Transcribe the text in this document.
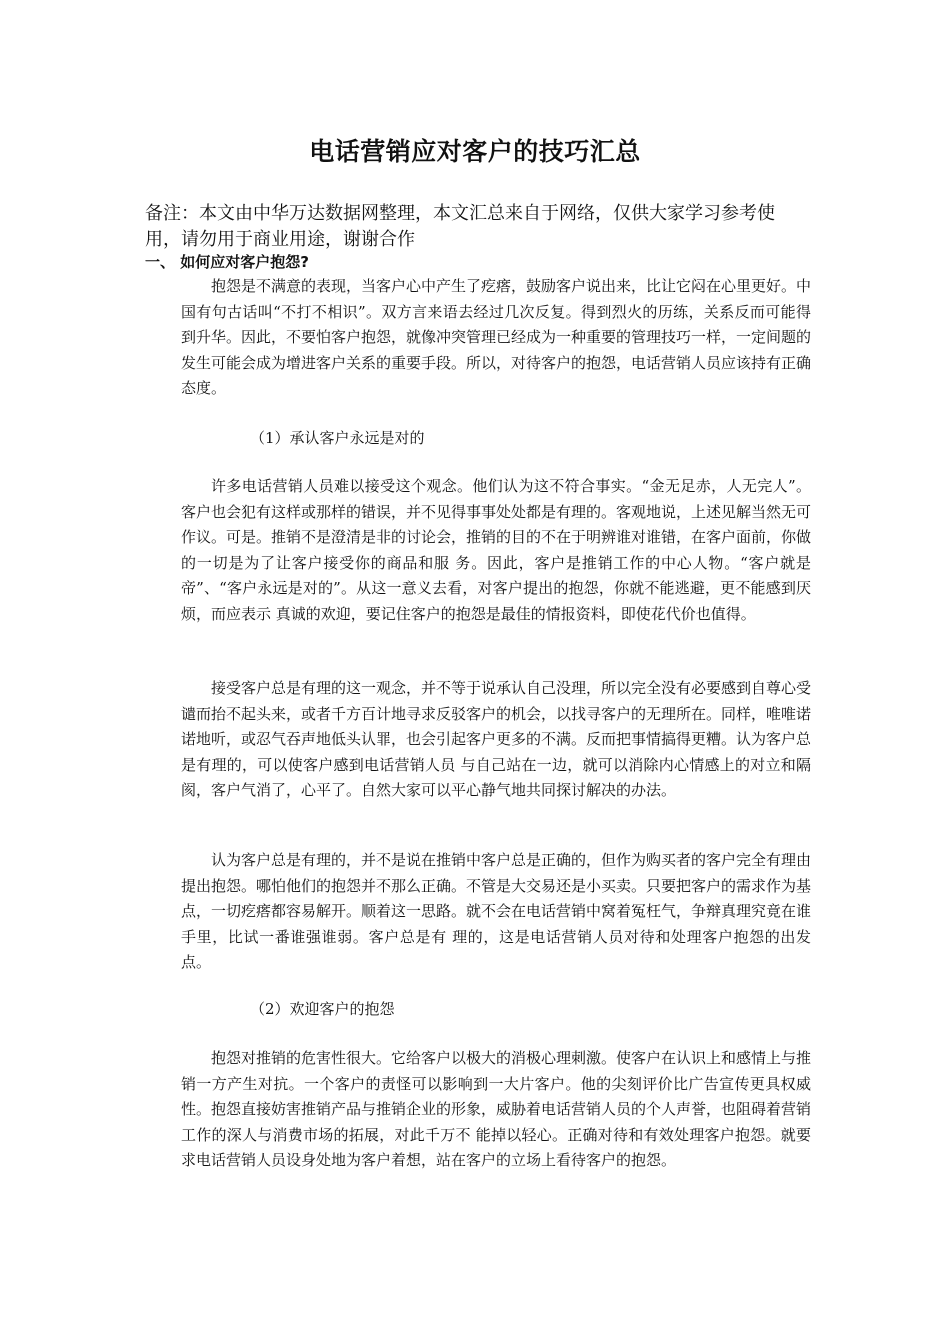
电话营销应对客户的技巧汇总
备注：本文由中华万达数据网整理，本文汇总来自于网络，仅供大家学习参考使用，请勿用于商业用途，谢谢合作
一、 如何应对客户抱怨?

抱怨是不满意的表现，当客户心中产生了疙瘩，鼓励客户说出来，比让它闷在心里更好。中国有句古话叫“不打不相识”。双方言来语去经过几次反复。得到烈火的历练，关系反而可能得到升华。因此，不要怕客户抱怨，就像冲突管理已经成为一种重要的管理技巧一样，一定间题的发生可能会成为增进客户关系的重要手段。所以，对待客户的抱怨，电话营销人员应该持有正确态度。

（1）承认客户永远是对的

许多电话营销人员难以接受这个观念。他们认为这不符合事实。“金无足赤，人无完人”。客户也会犯有这样或那样的错误，并不见得事事处处都是有理的。客观地说，上述见解当然无可作议。可是。推销不是澄清是非的讨论会，推销的目的不在于明辨谁对谁错，在客户面前，你做的一切是为了让客户接受你的商品和服 务。因此，客户是推销工作的中心人物。“客户就是帝”、“客户永远是对的”。从这一意义去看，对客户提出的抱怨，你就不能逃避，更不能感到厌烦，而应表示 真诚的欢迎，要记住客户的抱怨是最佳的情报资料，即使花代价也值得。

接受客户总是有理的这一观念，并不等于说承认自己没理，所以完全没有必要感到自尊心受谴而抬不起头来，或者千方百计地寻求反驳客户的机会，以找寻客户的无理所在。同样，唯唯诺诺地听，或忍气吞声地低头认罪，也会引起客户更多的不满。反而把事情搞得更糟。认为客户总是有理的，可以使客户感到电话营销人员 与自己站在一边，就可以消除内心情感上的对立和隔阂，客户气消了，心平了。自然大家可以平心静气地共同探讨解决的办法。

认为客户总是有理的，并不是说在推销中客户总是正确的，但作为购买者的客户完全有理由提出抱怨。哪怕他们的抱怨并不那么正确。不管是大交易还是小买卖。只要把客户的需求作为基点，一切疙瘩都容易解开。顺着这一思路。就不会在电话营销中窝着冤枉气，争辩真理究竟在谁手里，比试一番谁强谁弱。客户总是有 理的，这是电话营销人员对待和处理客户抱怨的出发点。

（2）欢迎客户的抱怨

抱怨对推销的危害性很大。它给客户以极大的消极心理刺激。使客户在认识上和感情上与推销一方产生对抗。一个客户的责怪可以影响到一大片客户。他的尖刻评价比广告宣传更具权威性。抱怨直接妨害推销产品与推销企业的形象，威胁着电话营销人员的个人声誉，也阻碍着营销工作的深人与消费市场的拓展，对此千万不 能掉以轻心。正确对待和有效处理客户抱怨。就要求电话营销人员设身处地为客户着想，站在客户的立场上看待客户的抱怨。
